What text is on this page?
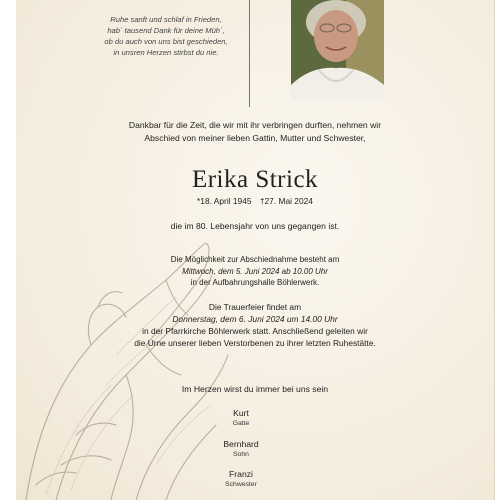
Ruhe sanft und schlaf in Frieden,
hab´ tausend Dank für deine Müh´,
ob du auch von uns bist geschieden,
in unsren Herzen stirbst du nie.
Dankbar für die Zeit, die wir mit ihr verbringen durften, nehmen wir
Abschied von meiner lieben Gattin, Mutter und Schwester,
Erika Strick
*18. April 1945 †27. Mai 2024
die im 80. Lebensjahr von uns gegangen ist.
Die Möglichkeit zur Abschiednahme besteht am
Mittwoch, dem 5. Juni 2024 ab 10.00 Uhr
in der Aufbahrungshalle Böhlerwerk.
Die Trauerfeier findet am
Donnerstag, dem 6. Juni 2024 um 14.00 Uhr
in der Pfarrkirche Böhlerwerk statt. Anschließend geleiten wir
die Urne unserer lieben Verstorbenen zu ihrer letzten Ruhestätte.
Im Herzen wirst du immer bei uns sein
Kurt
Gatte
Bernhard
Sohn
Franzi
Schwester
